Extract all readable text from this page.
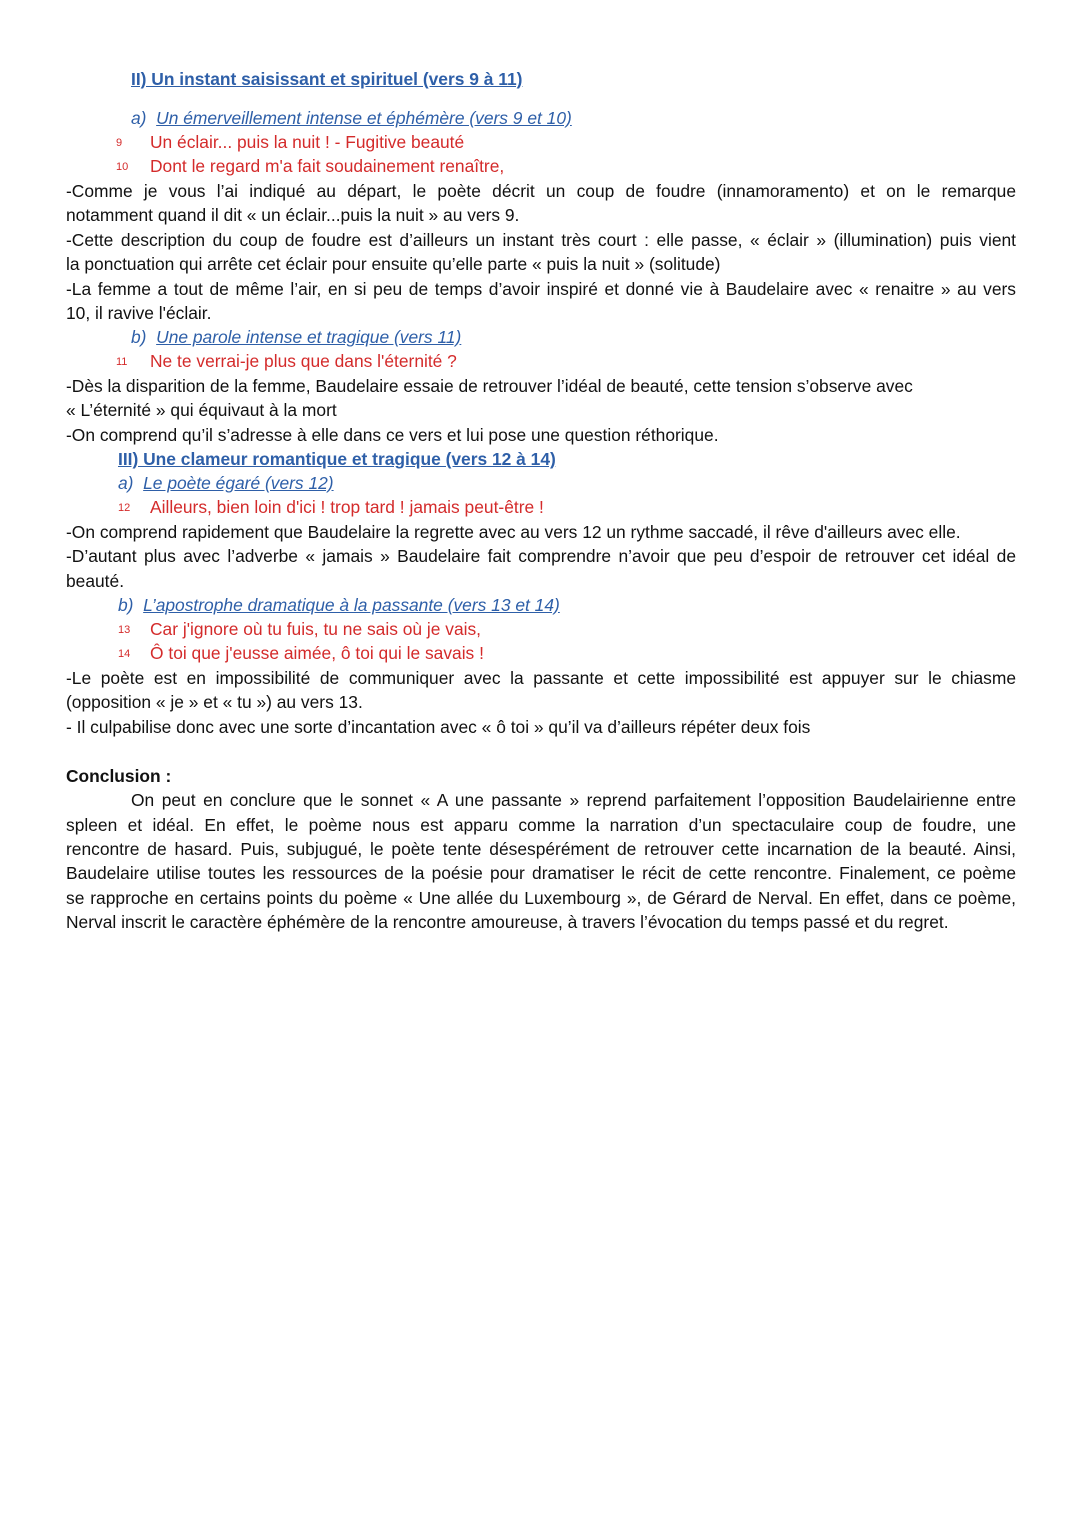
II) Un instant saisissant et spirituel (vers 9 à 11)
a) Un émerveillement intense et éphémère (vers 9 et 10)
9 Un éclair... puis la nuit ! - Fugitive beauté
10 Dont le regard m'a fait soudainement renaître,
-Comme je vous l’ai indiqué au départ, le poète décrit un coup de foudre (innamoramento) et on le remarque
notamment quand il dit « un éclair...puis la nuit » au vers 9.
-Cette description du coup de foudre est d’ailleurs un instant très court : elle passe, « éclair » (illumination) puis vient
la ponctuation qui arrête cet éclair pour ensuite qu’elle parte « puis la nuit » (solitude)
-La femme a tout de même l’air, en si peu de temps d’avoir inspiré et donné vie à Baudelaire avec « renaitre » au vers
10, il ravive l'éclair.
b) Une parole intense et tragique (vers 11)
11 Ne te verrai-je plus que dans l'éternité ?
-Dès la disparition de la femme, Baudelaire essaie de retrouver l’idéal de beauté, cette tension s’observe avec
« L’éternité » qui équivaut à la mort
-On comprend qu’il s’adresse à elle dans ce vers et lui pose une question réthorique.
III) Une clameur romantique et tragique (vers 12 à 14)
a) Le poète égaré (vers 12)
12 Ailleurs, bien loin d'ici ! trop tard ! jamais peut-être !
-On comprend rapidement que Baudelaire la regrette avec au vers 12 un rythme saccadé, il rêve d'ailleurs avec elle.
-D’autant plus avec l’adverbe « jamais » Baudelaire fait comprendre n’avoir que peu d’espoir de retrouver cet idéal de
beauté.
b) L’apostrophe dramatique à la passante (vers 13 et 14)
13 Car j'ignore où tu fuis, tu ne sais où je vais,
14 Ô toi que j'eusse aimée, ô toi qui le savais !
-Le poète est en impossibilité de communiquer avec la passante et cette impossibilité est appuyer sur le chiasme
(opposition « je » et « tu ») au vers 13.
- Il culpabilise donc avec une sorte d’incantation avec « ô toi » qu’il va d’ailleurs répéter deux fois
Conclusion :
On peut en conclure que le sonnet « A une passante » reprend parfaitement l’opposition Baudelairienne entre
spleen et idéal. En effet, le poème nous est apparu comme la narration d’un spectaculaire coup de foudre, une
rencontre de hasard. Puis, subjugué, le poète tente désespérément de retrouver cette incarnation de la beauté. Ainsi,
Baudelaire utilise toutes les ressources de la poésie pour dramatiser le récit de cette rencontre. Finalement, ce poème
se rapproche en certains points du poème « Une allée du Luxembourg », de Gérard de Nerval. En effet, dans ce poème,
Nerval inscrit le caractère éphémère de la rencontre amoureuse, à travers l’évocation du temps passé et du regret.
